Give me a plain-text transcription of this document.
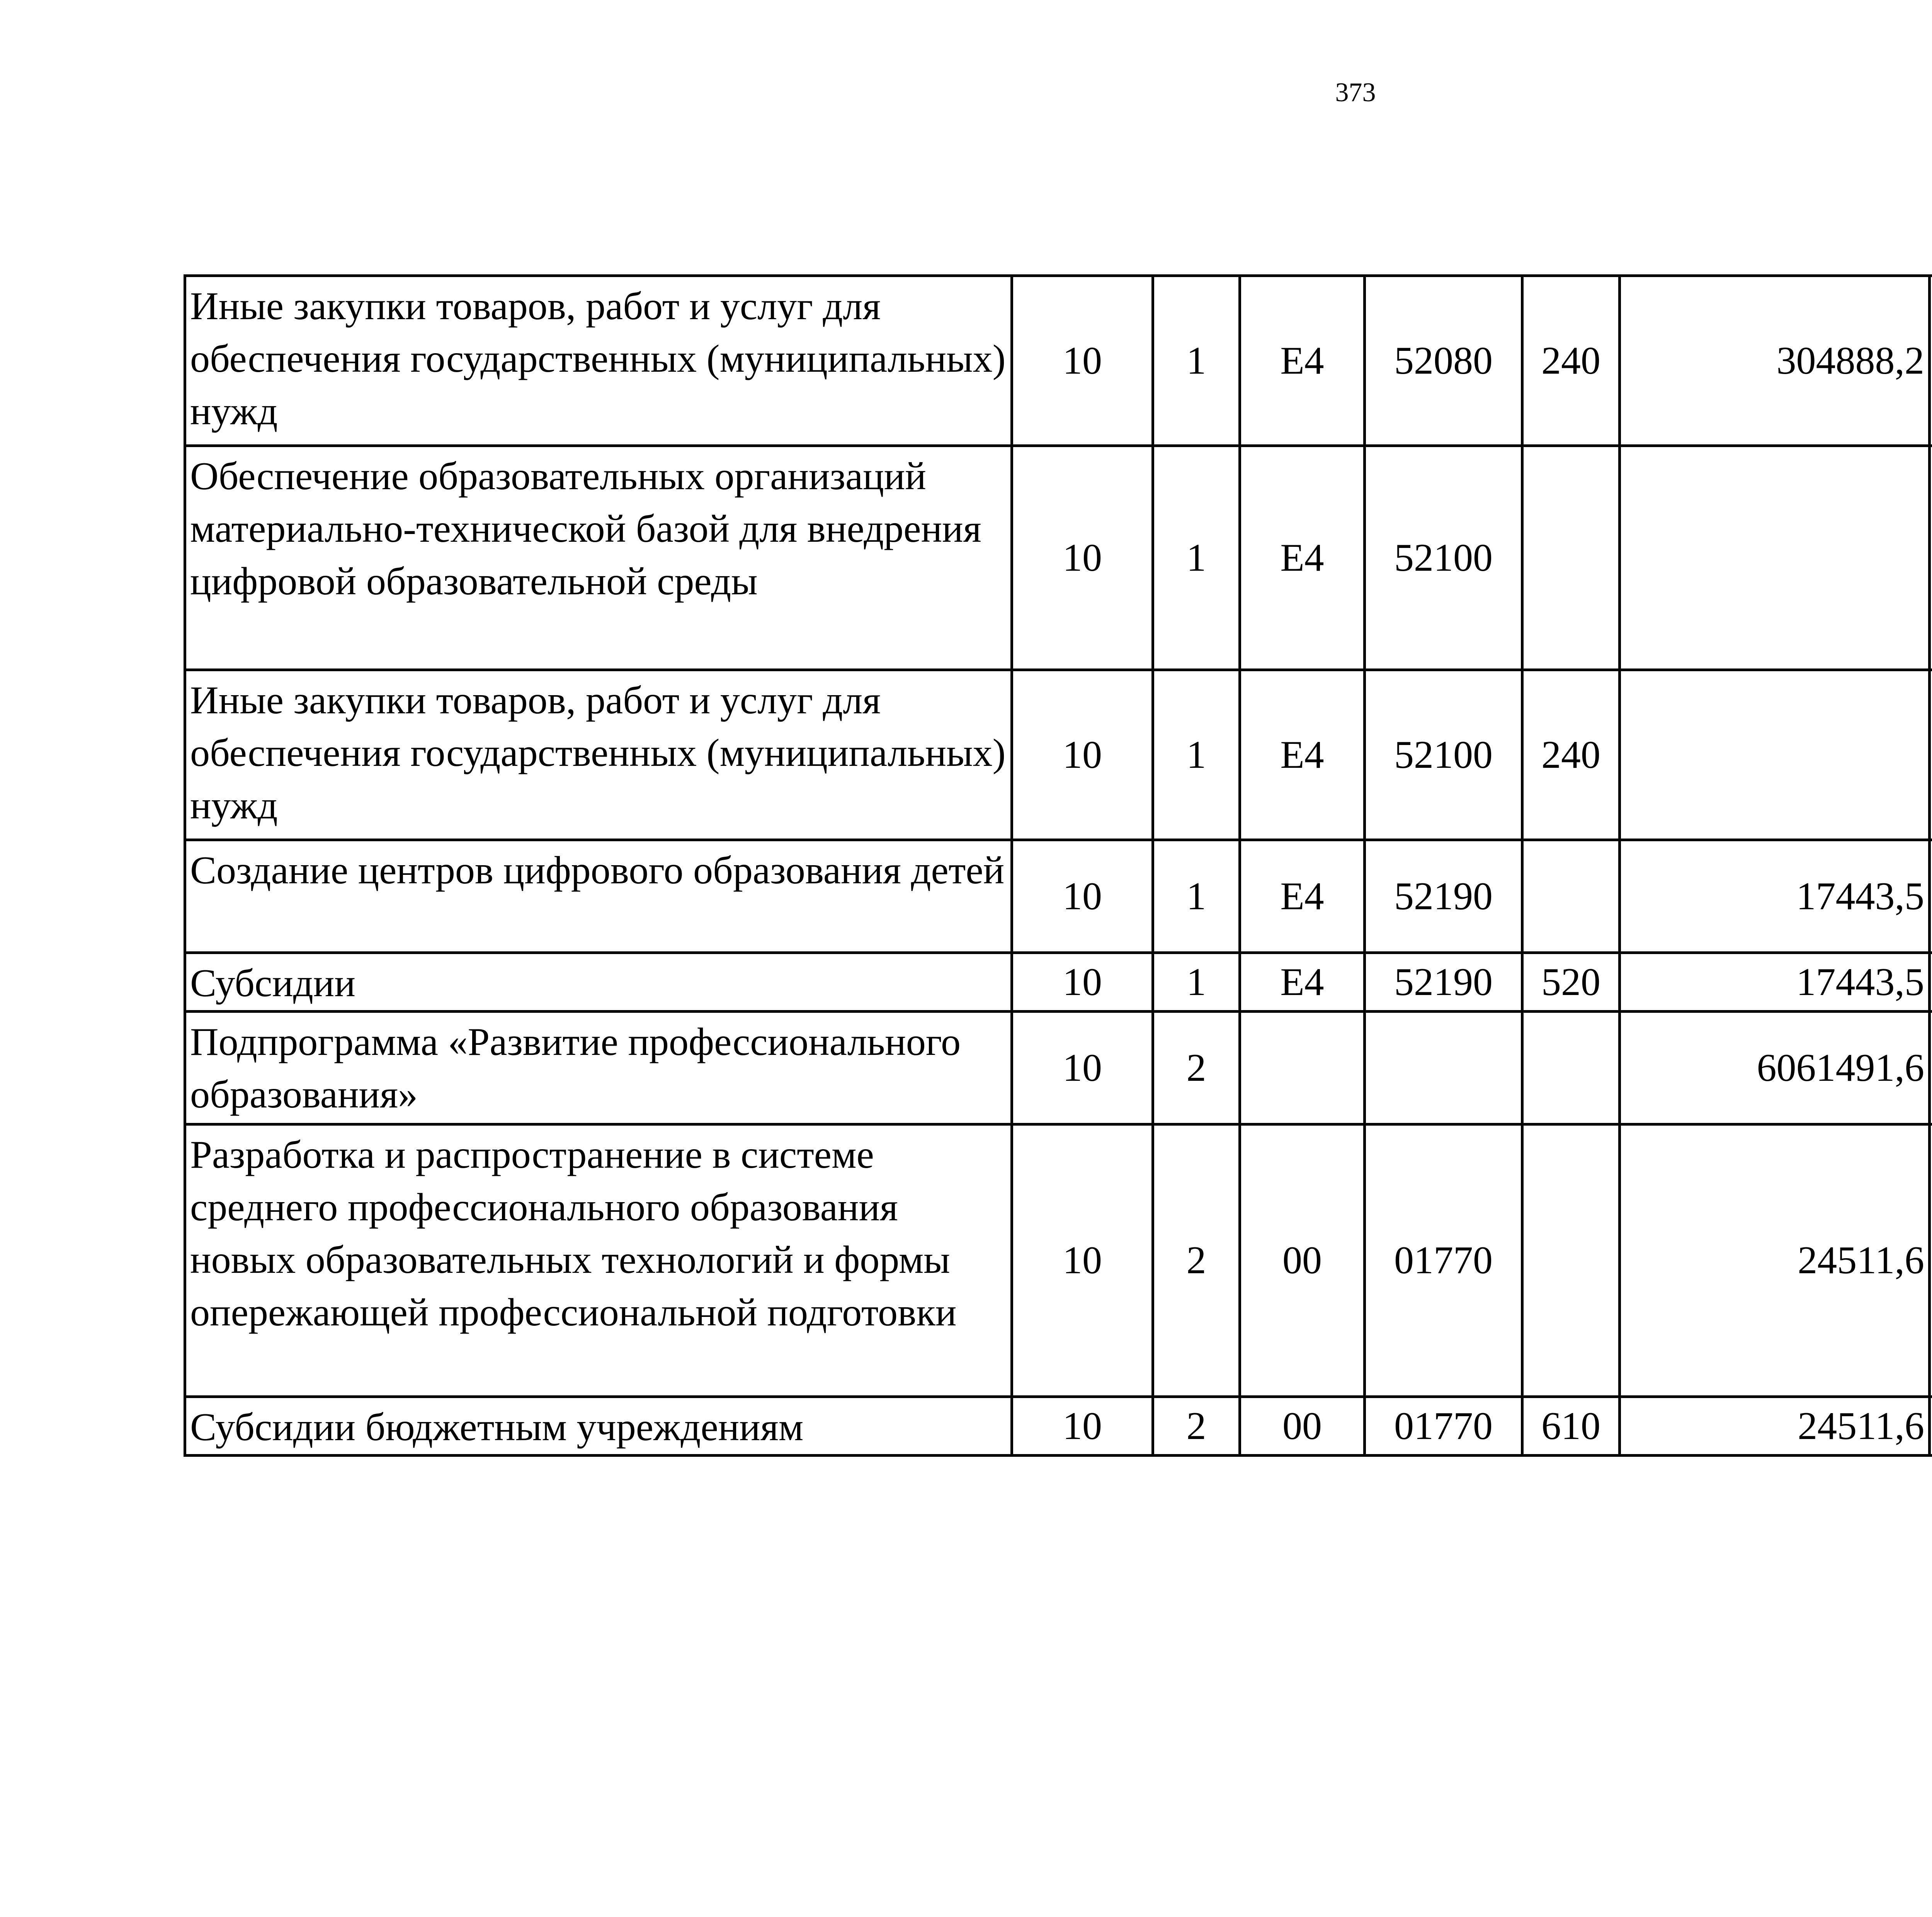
373
Иные закупки товаров, работ и услуг для обеспечения государственных (муниципальных) нужд	10	1	Е4	52080	240	304888,2		
Обеспечение образовательных организаций материально-технической базой для внедрения цифровой образовательной среды	10	1	Е4	52100				
Иные закупки товаров, работ и услуг для обеспечения государственных (муниципальных) нужд	10	1	Е4	52100	240			
Создание центров цифрового образования детей	10	1	Е4	52190		17443,5		
Субсидии	10	1	Е4	52190	520	17443,5		
Подпрограмма «Развитие профессионального образования»	10	2				6061491,6		
Разработка и распространение в системе среднего профессионального образования новых образовательных технологий и формы опережающей профессиональной подготовки	10	2	00	01770		24511,6		
Субсидии бюджетным учреждениям	10	2	00	01770	610	24511,6		
